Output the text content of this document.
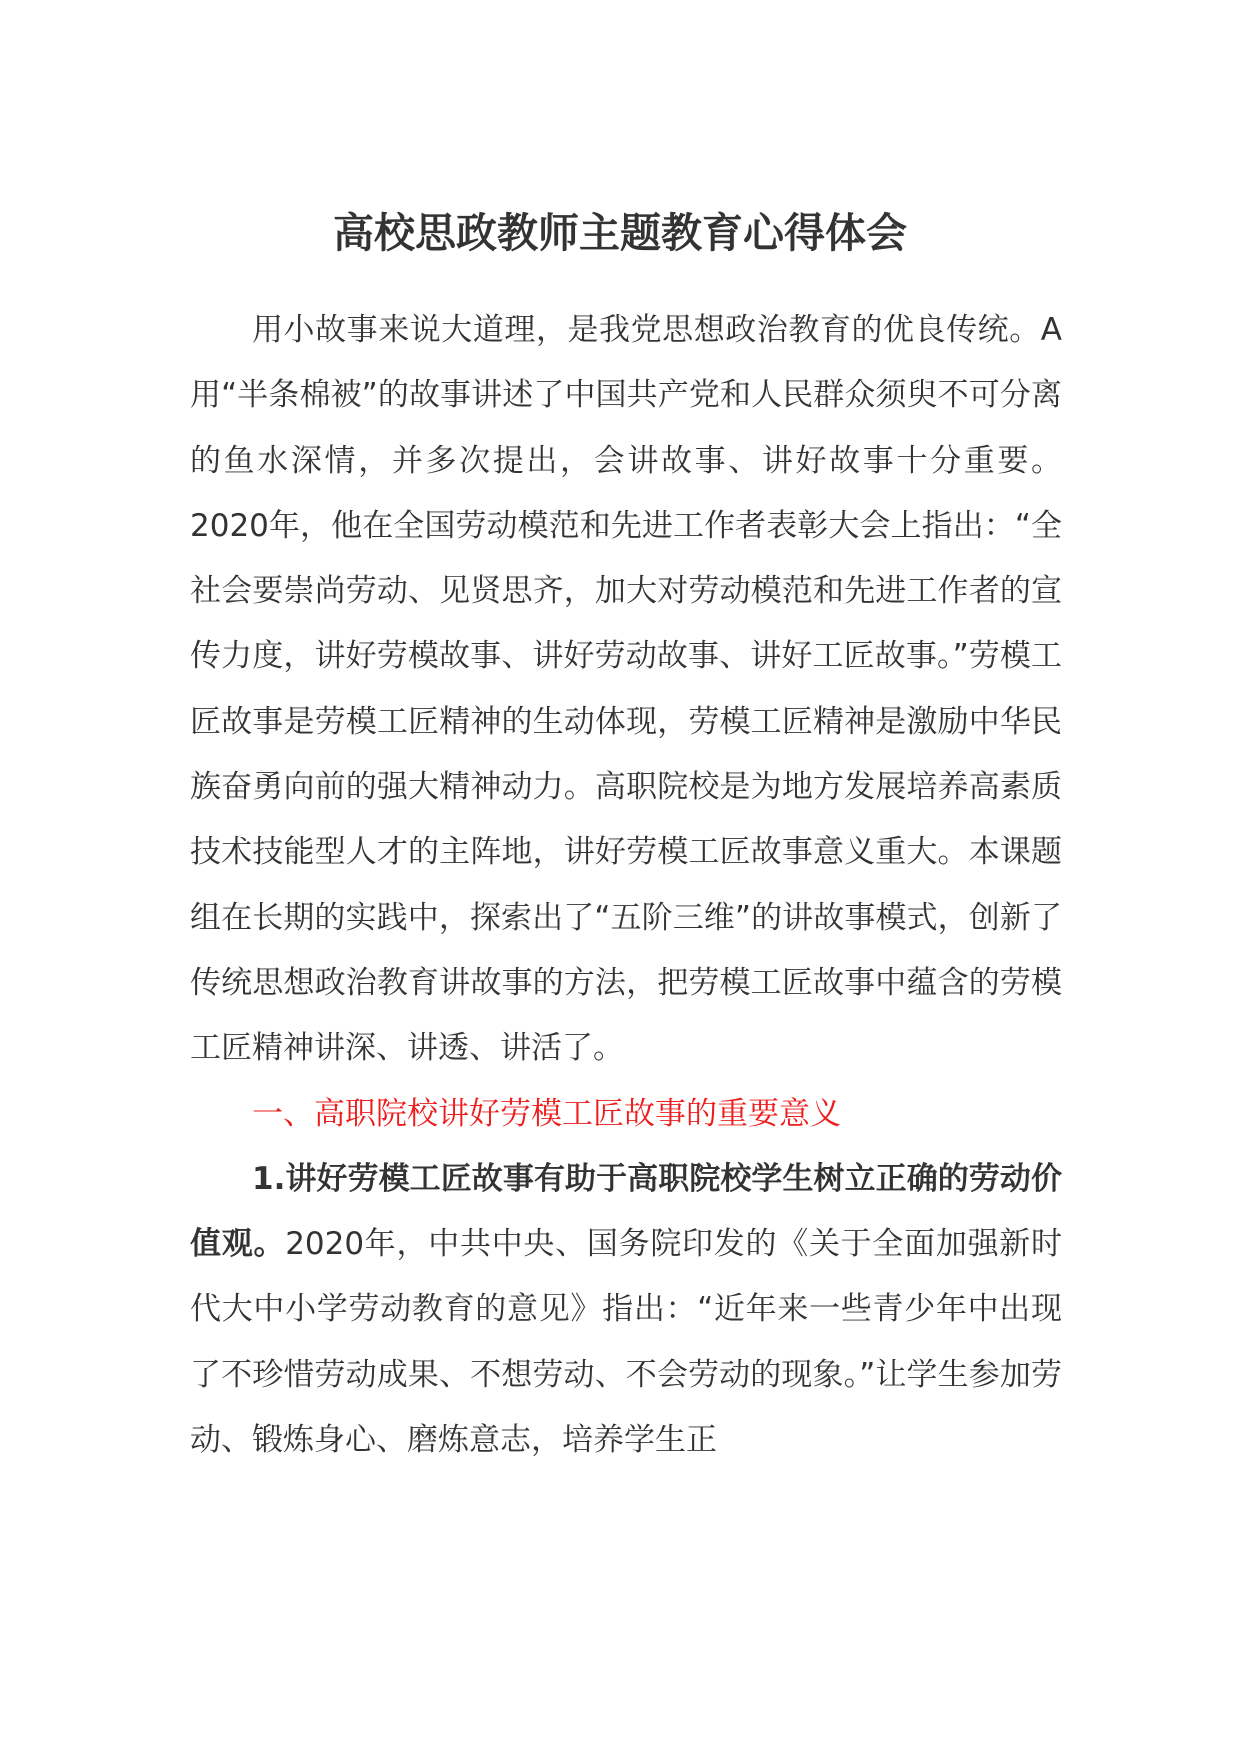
高校思政教师主题教育心得体会

用小故事来说大道理，是我党思想政治教育的优良传统。A用“半条棉被”的故事讲述了中国共产党和人民群众须臾不可分离的鱼水深情，并多次提出，会讲故事、讲好故事十分重要。2020年，他在全国劳动模范和先进工作者表彰大会上指出：“全社会要崇尚劳动、见贤思齐，加大对劳动模范和先进工作者的宣传力度，讲好劳模故事、讲好劳动故事、讲好工匠故事。”劳模工匠故事是劳模工匠精神的生动体现，劳模工匠精神是激励中华民族奋勇向前的强大精神动力。高职院校是为地方发展培养高素质技术技能型人才的主阵地，讲好劳模工匠故事意义重大。本课题组在长期的实践中，探索出了“五阶三维”的讲故事模式，创新了传统思想政治教育讲故事的方法，把劳模工匠故事中蕴含的劳模工匠精神讲深、讲透、讲活了。

一、高职院校讲好劳模工匠故事的重要意义

1.讲好劳模工匠故事有助于高职院校学生树立正确的劳动价值观。2020年，中共中央、国务院印发的《关于全面加强新时代大中小学劳动教育的意见》指出：“近年来一些青少年中出现了不珍惜劳动成果、不想劳动、不会劳动的现象。”让学生参加劳动、锻炼身心、磨炼意志，培养学生正
